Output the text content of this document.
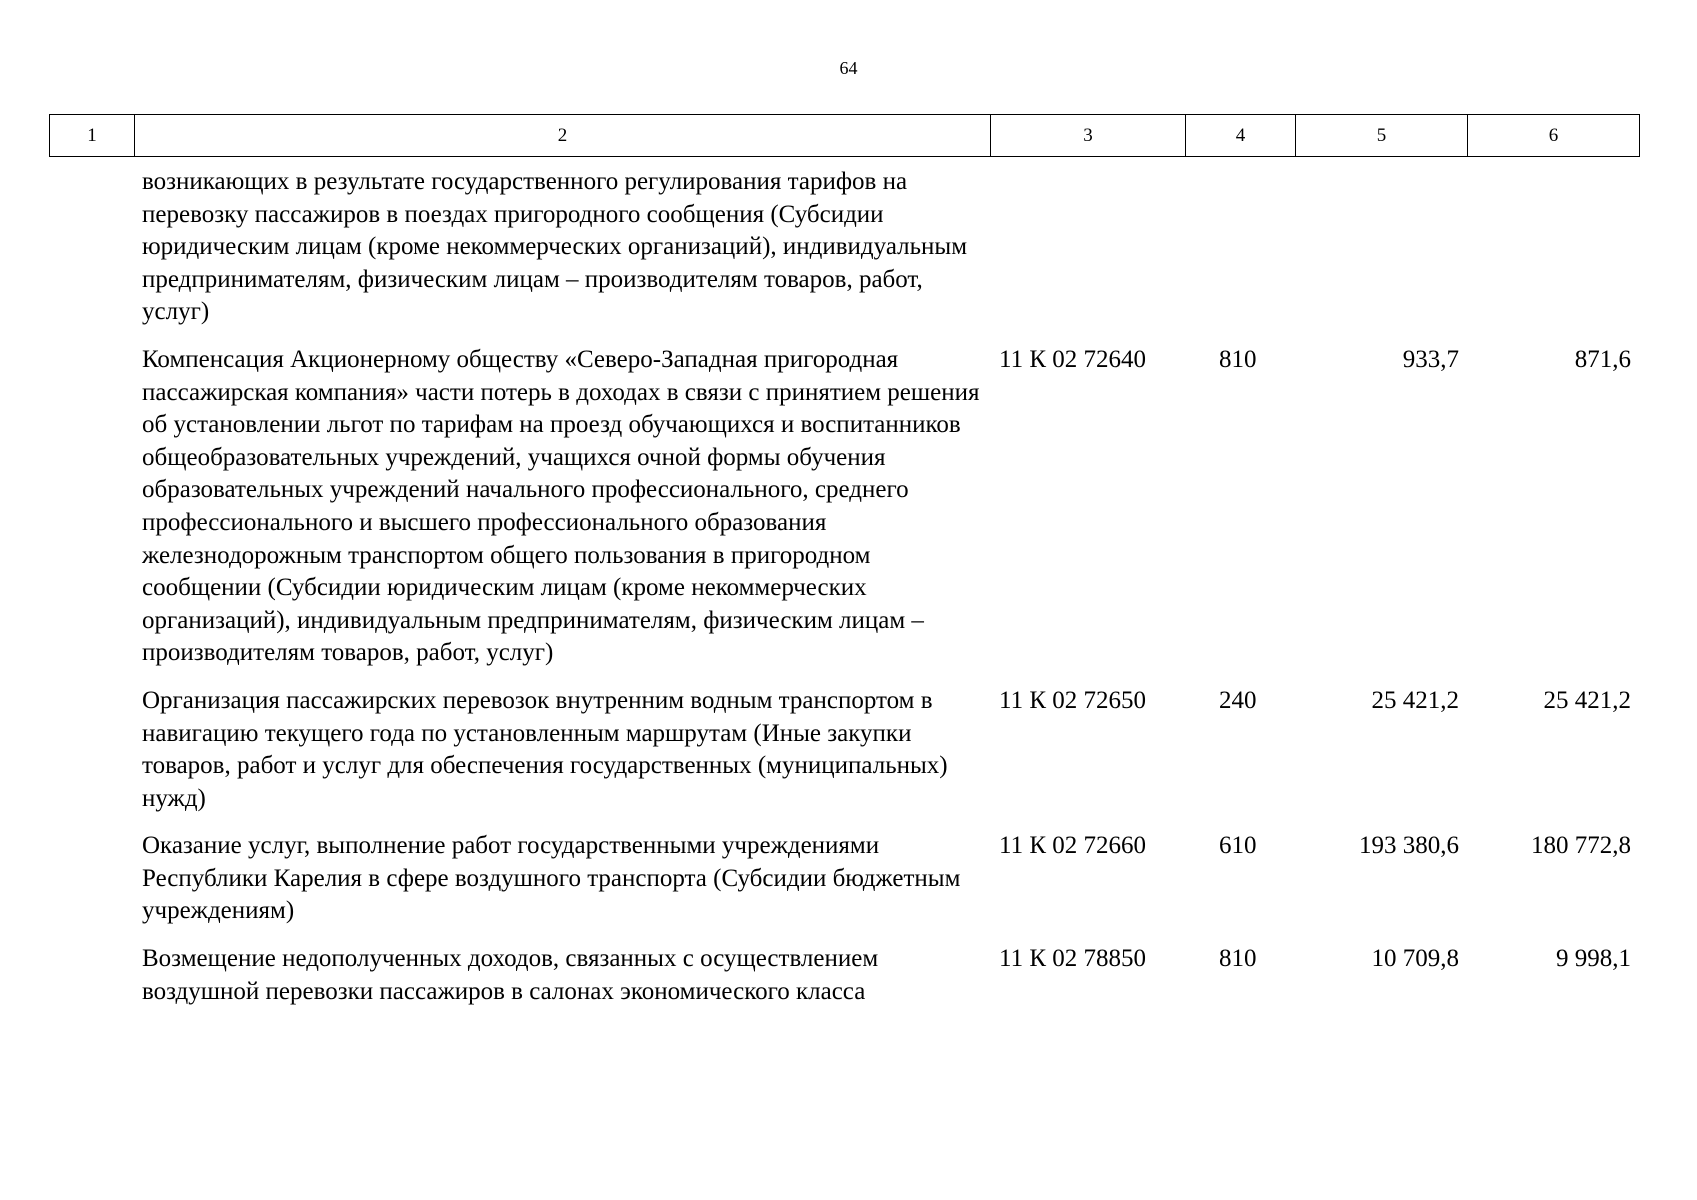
64
1	2	3	4	5	6
возникающих в результате государственного регулирования тарифов на перевозку пассажиров в поездах пригородного сообщения (Субсидии юридическим лицам (кроме некоммерческих организаций), индивидуальным предпринимателям, физическим лицам – производителям товаров, работ, услуг)				
Компенсация Акционерному обществу «Северо-Западная пригородная пассажирская компания» части потерь в доходах в связи с принятием решения об установлении льгот по тарифам на проезд обучающихся и воспитанников общеобразовательных учреждений, учащихся очной формы обучения образовательных учреждений начального профессионального, среднего профессионального и высшего профессионального образования железнодорожным транспортом общего пользования в пригородном сообщении (Субсидии юридическим лицам (кроме некоммерческих организаций), индивидуальным предпринимателям, физическим лицам – производителям товаров, работ, услуг)	11 К 02 72640	810	933,7	871,6
Организация пассажирских перевозок внутренним водным транспортом в навигацию текущего года по установленным маршрутам (Иные закупки товаров, работ и услуг для обеспечения государственных (муниципальных) нужд)	11 К 02 72650	240	25 421,2	25 421,2
Оказание услуг, выполнение работ государственными учреждениями Республики Карелия в сфере воздушного транспорта (Субсидии бюджетным учреждениям)	11 К 02 72660	610	193 380,6	180 772,8
Возмещение недополученных доходов, связанных с осуществлением воздушной перевозки пассажиров в салонах экономического класса	11 К 02 78850	810	10 709,8	9 998,1
